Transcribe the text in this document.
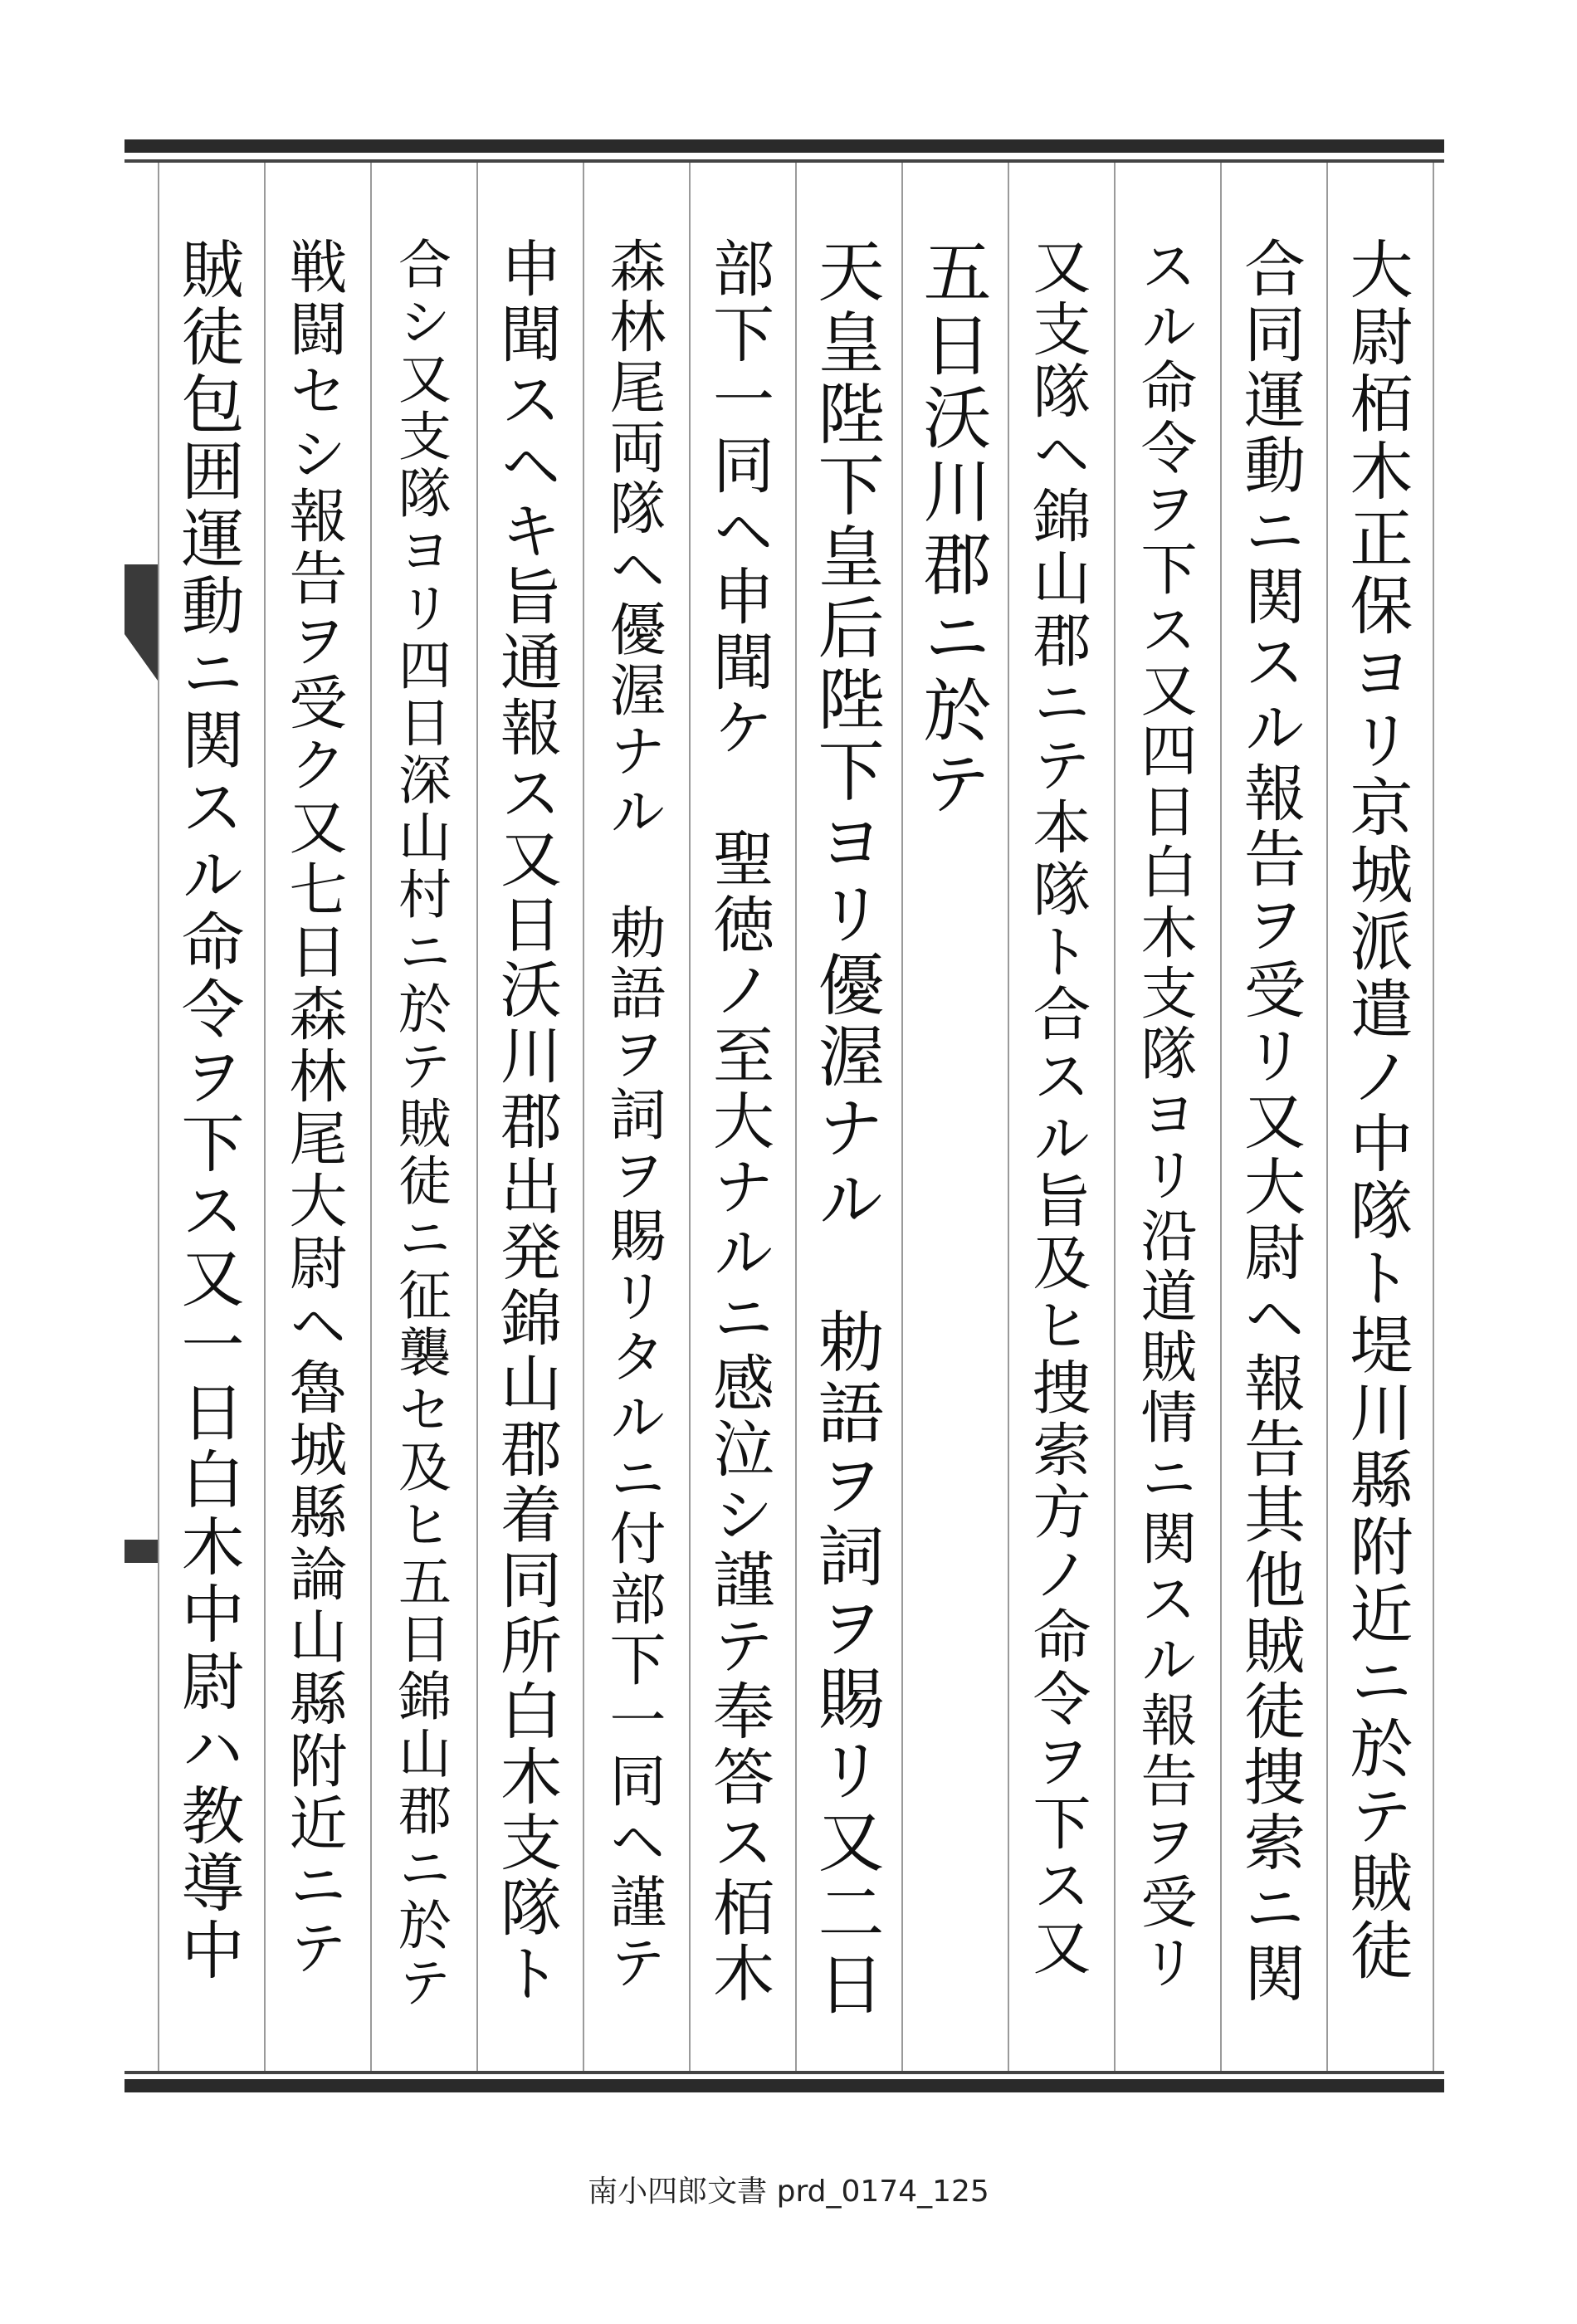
大尉栢木正保ヨリ京城派遣ノ中隊ト堤川縣附近ニ於テ賊徒
合同運動ニ関スル報告ヲ受リ又大尉ヘ報告其他賊徒捜索ニ関
スル命令ヲ下ス又四日白木支隊ヨリ沿道賊情ニ関スル報告ヲ受リ
又支隊ヘ錦山郡ニテ本隊ト合スル旨及ヒ捜索方ノ命令ヲ下ス又
五日沃川郡ニ於テ
天皇陛下皇后陛下ヨリ優渥ナル　勅語ヲ詞ヲ賜リ又二日
部下一同ヘ申聞ケ　聖徳ノ至大ナルニ感泣シ謹テ奉答ス栢木
森林尾両隊ヘ優渥ナル　勅語ヲ詞ヲ賜リタルニ付部下一同ヘ謹テ
申聞スヘキ旨通報ス又日沃川郡出発錦山郡着同所白木支隊ト
合シ又支隊ヨリ四日深山村ニ於テ賊徒ニ征襲セ及ヒ五日錦山郡ニ於テ
戦闘セシ報告ヲ受ク又七日森林尾大尉ヘ魯城縣論山縣附近ニテ
賊徒包囲運動ニ関スル命令ヲ下ス又一日白木中尉ハ教導中
南小四郎文書 prd_0174_125
